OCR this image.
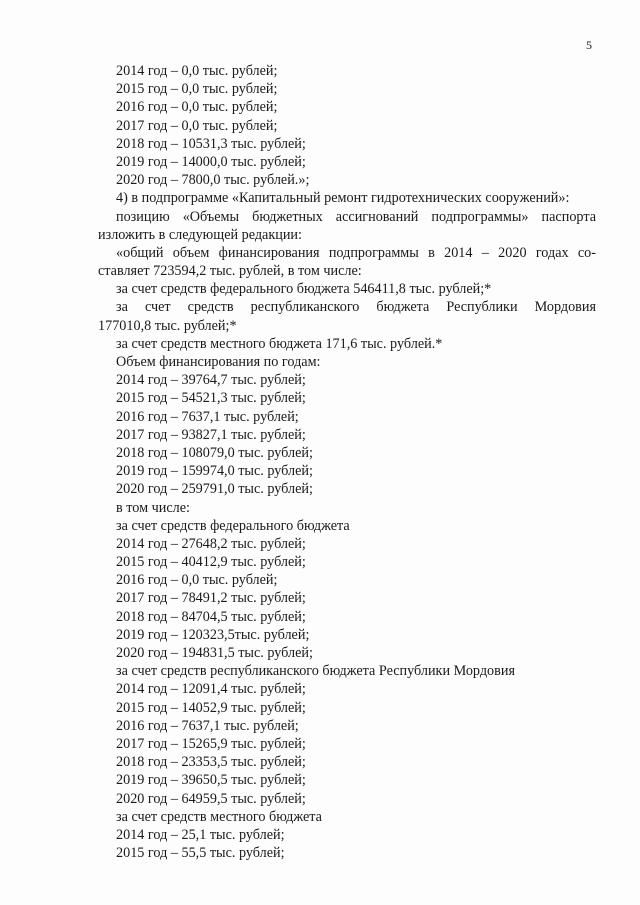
5
2014 год – 0,0 тыс. рублей;
2015 год – 0,0 тыс. рублей;
2016 год – 0,0 тыс. рублей;
2017 год – 0,0 тыс. рублей;
2018 год – 10531,3 тыс. рублей;
2019 год – 14000,0 тыс. рублей;
2020 год – 7800,0 тыс. рублей.»;
4) в подпрограмме «Капитальный ремонт гидротехнических сооружений»:
позицию «Объемы бюджетных ассигнований подпрограммы» паспорта
изложить в следующей редакции:
«общий объем финансирования подпрограммы в 2014 – 2020 годах со-
ставляет 723594,2 тыс. рублей, в том числе:
за счет средств федерального бюджета 546411,8 тыс. рублей;*
за счет средств республиканского бюджета Республики Мордовия
177010,8 тыс. рублей;*
за счет средств местного бюджета 171,6 тыс. рублей.*
Объем финансирования по годам:
2014 год – 39764,7 тыс. рублей;
2015 год – 54521,3 тыс. рублей;
2016 год – 7637,1 тыс. рублей;
2017 год – 93827,1 тыс. рублей;
2018 год – 108079,0 тыс. рублей;
2019 год – 159974,0 тыс. рублей;
2020 год – 259791,0 тыс. рублей;
в том числе:
за счет средств федерального бюджета
2014 год – 27648,2 тыс. рублей;
2015 год – 40412,9 тыс. рублей;
2016 год – 0,0 тыс. рублей;
2017 год – 78491,2 тыс. рублей;
2018 год – 84704,5 тыс. рублей;
2019 год – 120323,5тыс. рублей;
2020 год – 194831,5 тыс. рублей;
за счет средств республиканского бюджета Республики Мордовия
2014 год – 12091,4 тыс. рублей;
2015 год – 14052,9 тыс. рублей;
2016 год – 7637,1 тыс. рублей;
2017 год – 15265,9 тыс. рублей;
2018 год – 23353,5 тыс. рублей;
2019 год – 39650,5 тыс. рублей;
2020 год – 64959,5 тыс. рублей;
за счет средств местного бюджета
2014 год – 25,1 тыс. рублей;
2015 год – 55,5 тыс. рублей;
